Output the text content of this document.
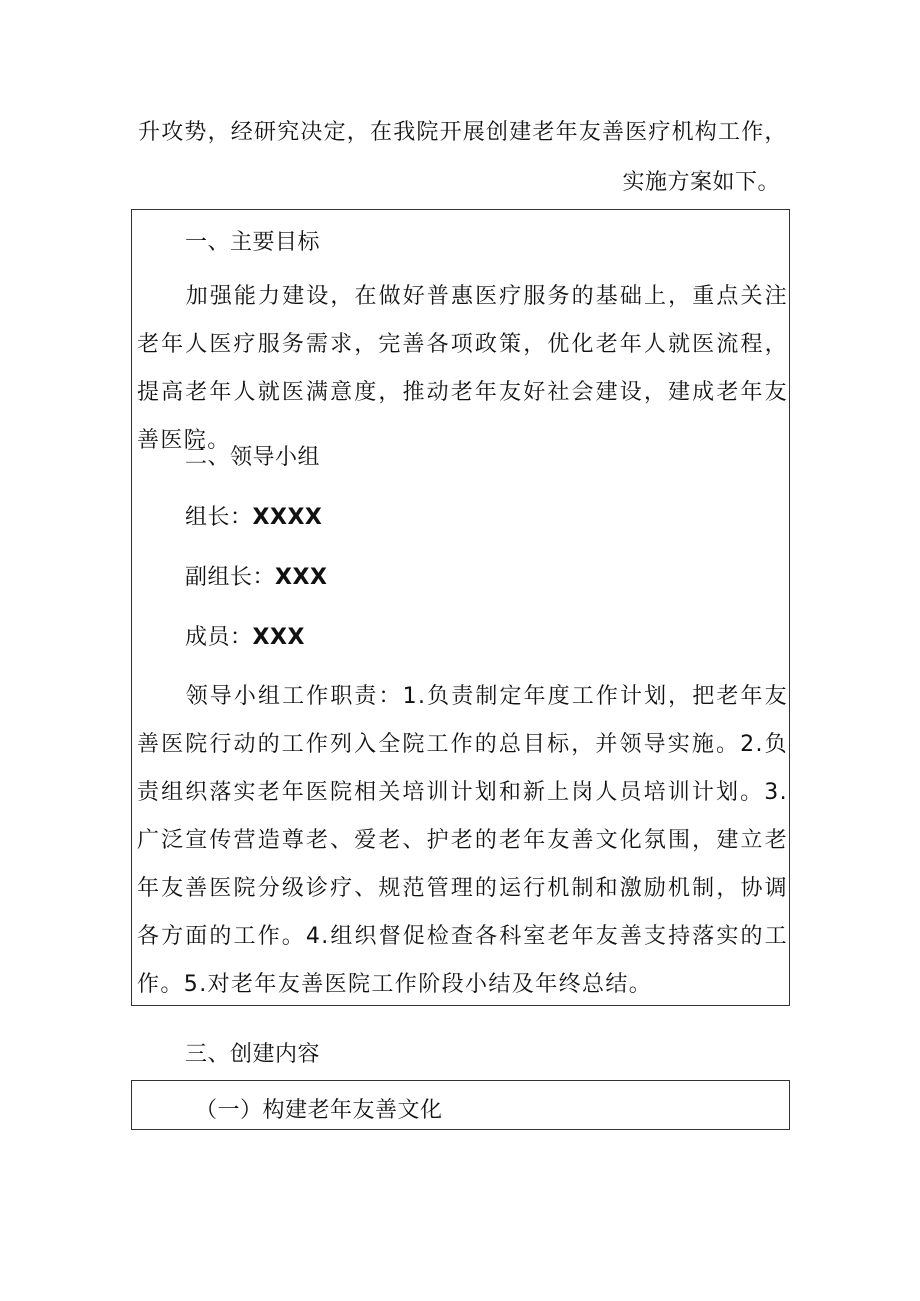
升攻势，经研究决定，在我院开展创建老年友善医疗机构工作，
实施方案如下。
一、主要目标
加强能力建设，在做好普惠医疗服务的基础上，重点关注老年人医疗服务需求，完善各项政策，优化老年人就医流程，提高老年人就医满意度，推动老年友好社会建设，建成老年友善医院。
二、领导小组
组长：XXXX
副组长：XXX
成员：XXX
领导小组工作职责：1.负责制定年度工作计划，把老年友善医院行动的工作列入全院工作的总目标，并领导实施。2.负责组织落实老年医院相关培训计划和新上岗人员培训计划。3.广泛宣传营造尊老、爱老、护老的老年友善文化氛围，建立老年友善医院分级诊疗、规范管理的运行机制和激励机制，协调各方面的工作。4.组织督促检查各科室老年友善支持落实的工作。5.对老年友善医院工作阶段小结及年终总结。
三、创建内容
（一）构建老年友善文化
